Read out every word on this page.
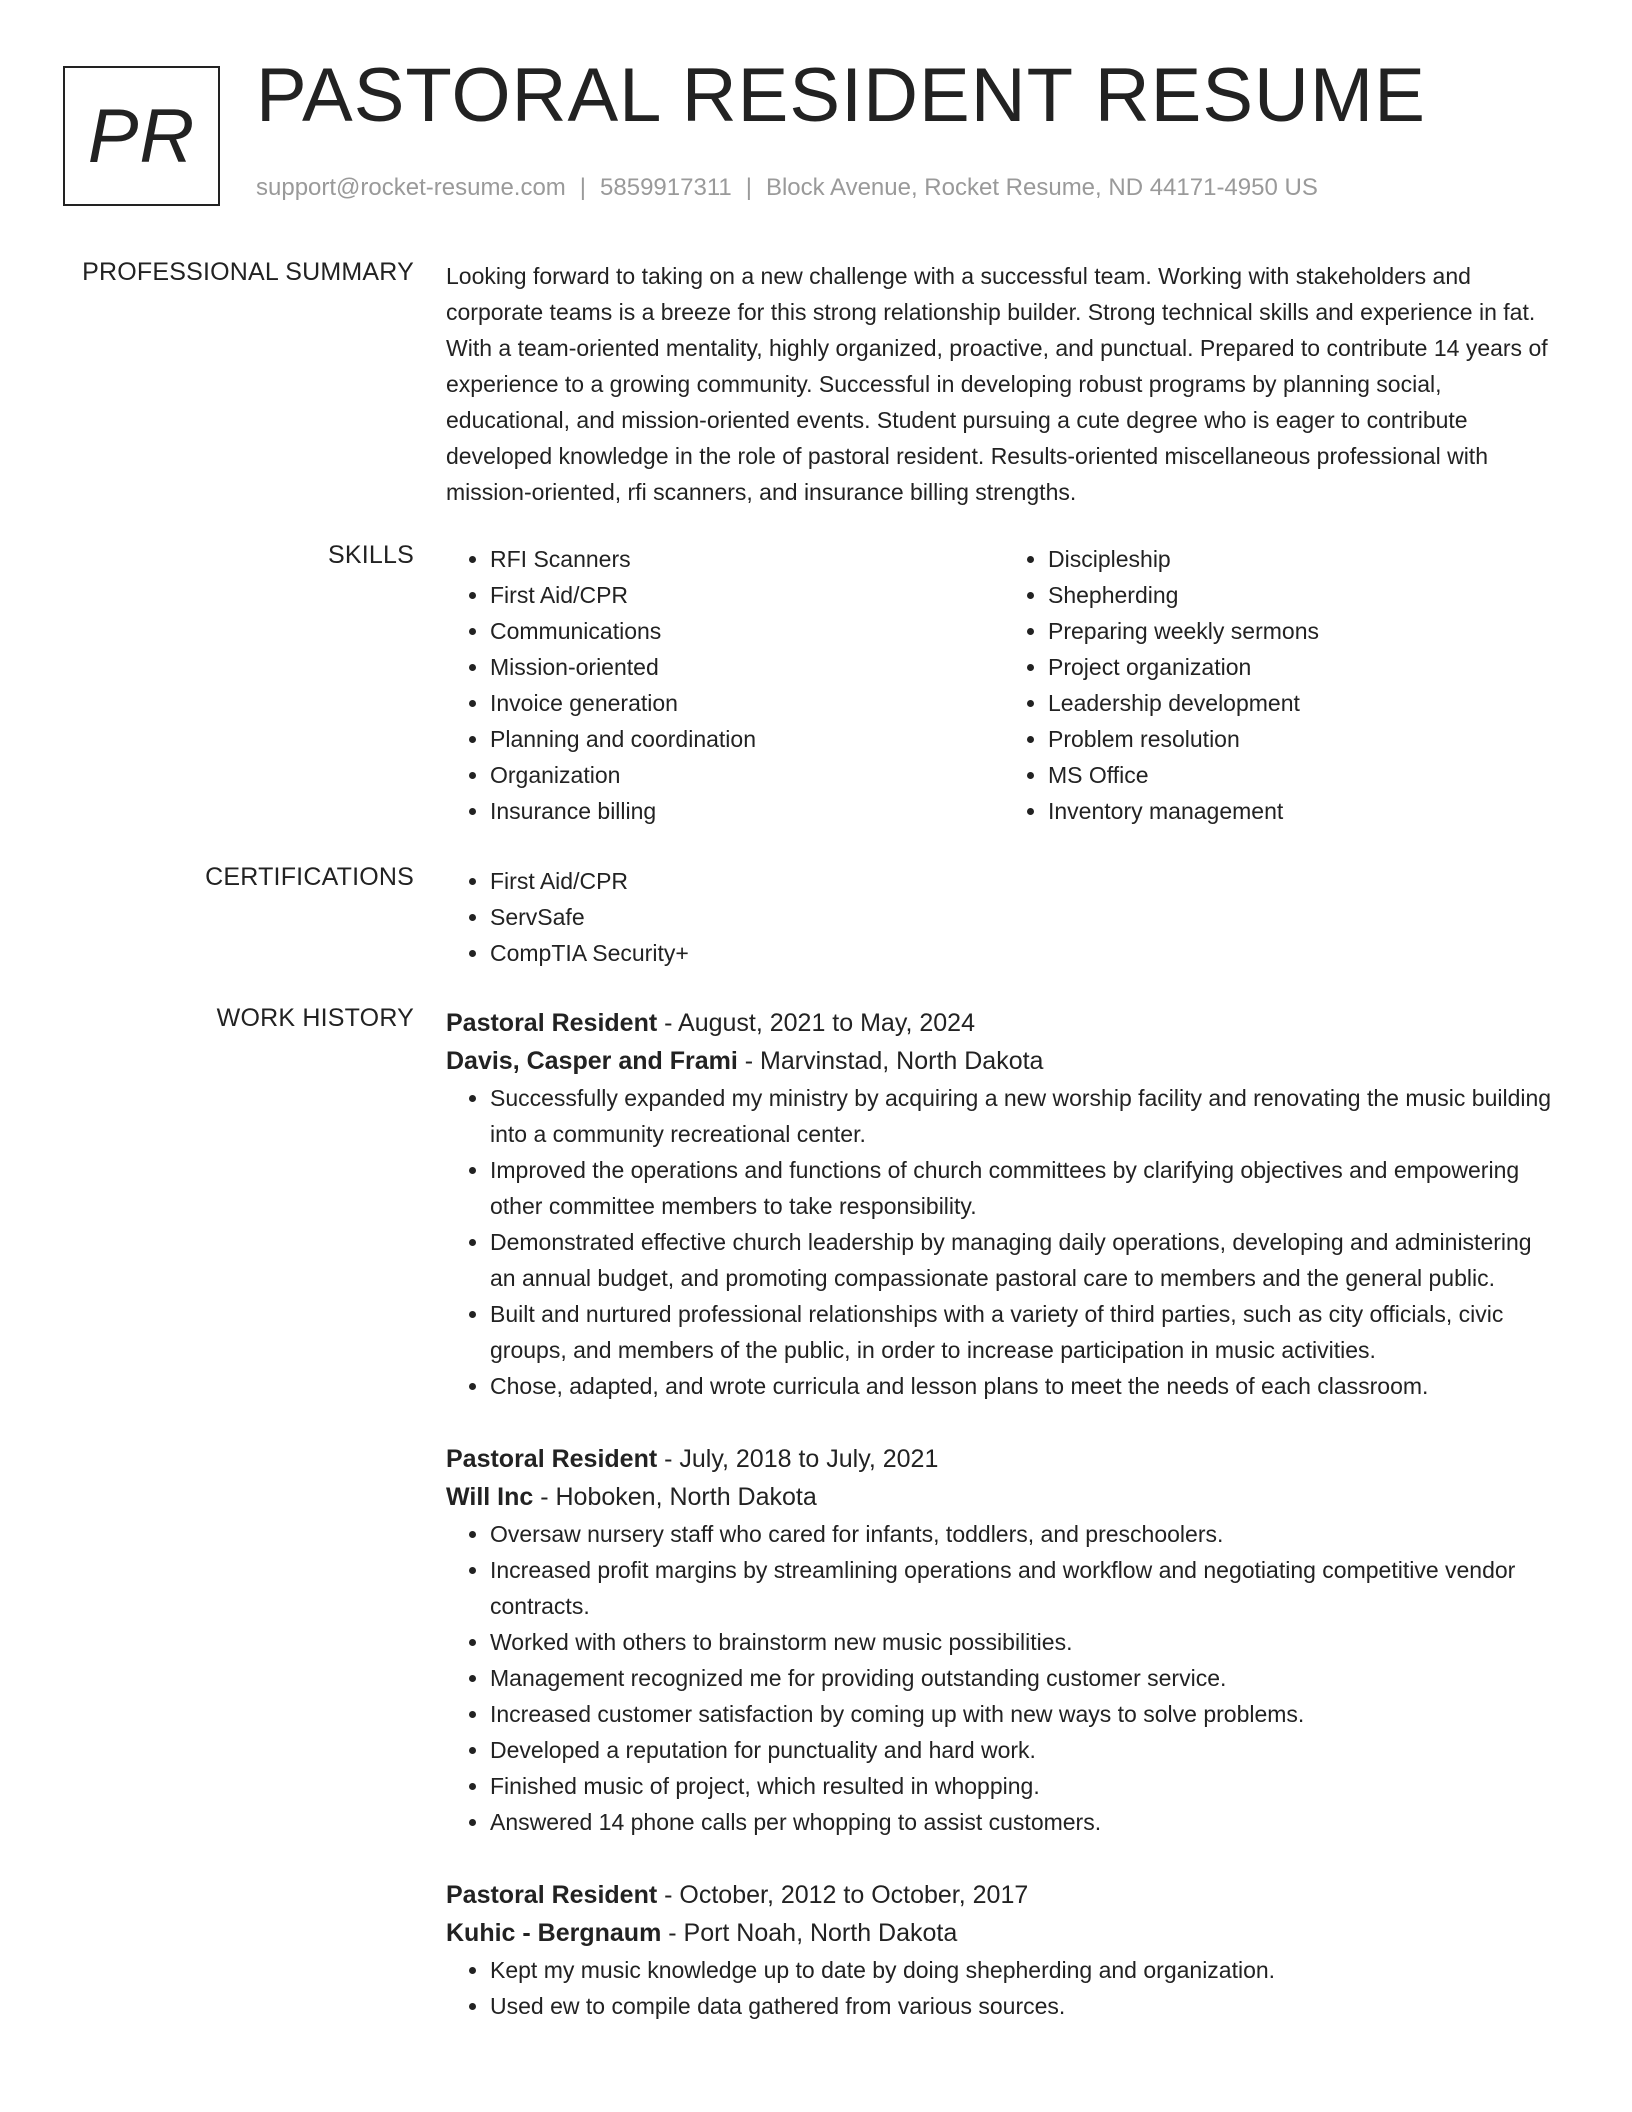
PR PASTORAL RESIDENT RESUME
support@rocket-resume.com | 5859917311 | Block Avenue, Rocket Resume, ND 44171-4950 US
PROFESSIONAL SUMMARY Looking forward to taking on a new challenge with a successful team. Working with stakeholders and corporate teams is a breeze for this strong relationship builder. Strong technical skills and experience in fat. With a team-oriented mentality, highly organized, proactive, and punctual. Prepared to contribute 14 years of experience to a growing community. Successful in developing robust programs by planning social, educational, and mission-oriented events. Student pursuing a cute degree who is eager to contribute developed knowledge in the role of pastoral resident. Results-oriented miscellaneous professional with mission-oriented, rfi scanners, and insurance billing strengths.
SKILLS	• RFI Scanners
• First Aid/CPR
• Communications
• Mission-oriented
• Invoice generation
• Planning and coordination
• Organization
• Insurance billing
• Discipleship
• Shepherding
• Preparing weekly sermons
• Project organization
• Leadership development
• Problem resolution
• MS Office
• Inventory management
CERTIFICATIONS	• First Aid/CPR
• ServSafe
• CompTIA Security+
WORK HISTORY Pastoral Resident - August, 2021 to May, 2024
Davis, Casper and Frami - Marvinstad, North Dakota
• Successfully expanded my ministry by acquiring a new worship facility and renovating the music building into a community recreational center.
• Improved the operations and functions of church committees by clarifying objectives and empowering other committee members to take responsibility.
• Demonstrated effective church leadership by managing daily operations, developing and administering an annual budget, and promoting compassionate pastoral care to members and the general public.
• Built and nurtured professional relationships with a variety of third parties, such as city officials, civic groups, and members of the public, in order to increase participation in music activities.
• Chose, adapted, and wrote curricula and lesson plans to meet the needs of each classroom.
Pastoral Resident - July, 2018 to July, 2021
Will Inc - Hoboken, North Dakota
• Oversaw nursery staff who cared for infants, toddlers, and preschoolers.
• Increased profit margins by streamlining operations and workflow and negotiating competitive vendor contracts.
• Worked with others to brainstorm new music possibilities.
• Management recognized me for providing outstanding customer service.
• Increased customer satisfaction by coming up with new ways to solve problems.
• Developed a reputation for punctuality and hard work.
• Finished music of project, which resulted in whopping.
• Answered 14 phone calls per whopping to assist customers.
Pastoral Resident - October, 2012 to October, 2017
Kuhic - Bergnaum - Port Noah, North Dakota
• Kept my music knowledge up to date by doing shepherding and organization.
• Used ew to compile data gathered from various sources.
